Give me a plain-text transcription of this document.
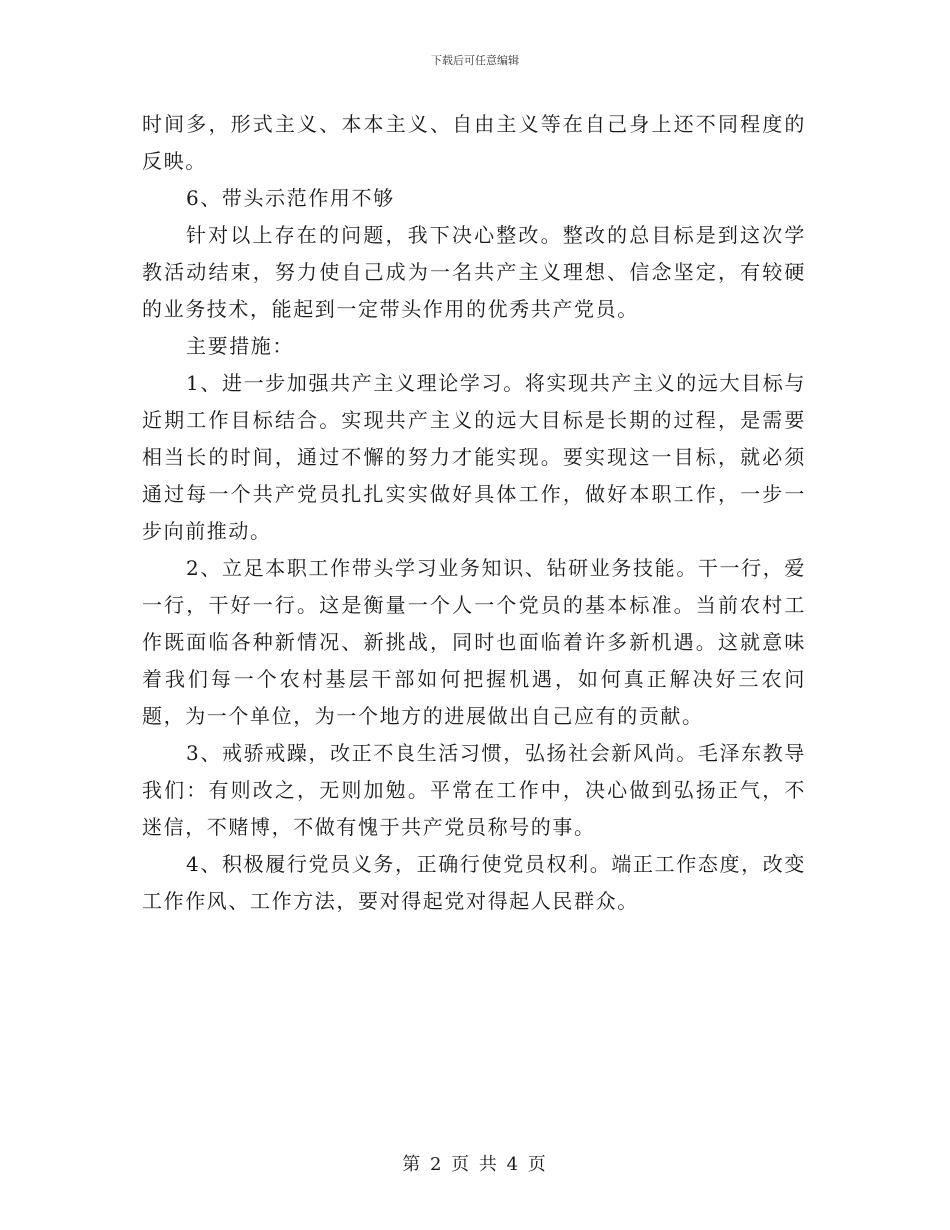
下载后可任意编辑

时间多，形式主义、本本主义、自由主义等在自己身上还不同程度的反映。

6、带头示范作用不够

针对以上存在的问题，我下决心整改。整改的总目标是到这次学教活动结束，努力使自己成为一名共产主义理想、信念坚定，有较硬的业务技术，能起到一定带头作用的优秀共产党员。

主要措施：

1、进一步加强共产主义理论学习。将实现共产主义的远大目标与近期工作目标结合。实现共产主义的远大目标是长期的过程，是需要相当长的时间，通过不懈的努力才能实现。要实现这一目标，就必须通过每一个共产党员扎扎实实做好具体工作，做好本职工作，一步一步向前推动。

2、立足本职工作带头学习业务知识、钻研业务技能。干一行，爱一行，干好一行。这是衡量一个人一个党员的基本标准。当前农村工作既面临各种新情况、新挑战，同时也面临着许多新机遇。这就意味着我们每一个农村基层干部如何把握机遇，如何真正解决好三农问题，为一个单位，为一个地方的进展做出自己应有的贡献。

3、戒骄戒躁，改正不良生活习惯，弘扬社会新风尚。毛泽东教导我们：有则改之，无则加勉。平常在工作中，决心做到弘扬正气，不迷信，不赌博，不做有愧于共产党员称号的事。

4、积极履行党员义务，正确行使党员权利。端正工作态度，改变工作作风、工作方法，要对得起党对得起人民群众。

第 2 页 共 4 页
